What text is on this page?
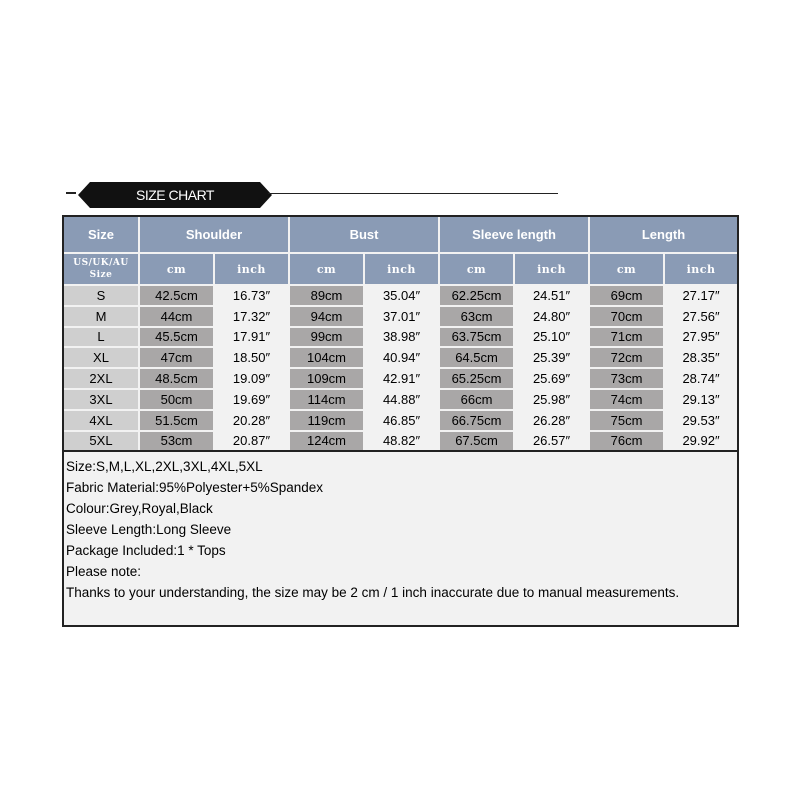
SIZE CHART
Size	Shoulder		Bust		Sleeve length		Length	
US/UK/AU Size	cm	inch	cm	inch	cm	inch	cm	inch
S	42.5cm	16.73″	89cm	35.04″	62.25cm	24.51″	69cm	27.17″
M	44cm	17.32″	94cm	37.01″	63cm	24.80″	70cm	27.56″
L	45.5cm	17.91″	99cm	38.98″	63.75cm	25.10″	71cm	27.95″
XL	47cm	18.50″	104cm	40.94″	64.5cm	25.39″	72cm	28.35″
2XL	48.5cm	19.09″	109cm	42.91″	65.25cm	25.69″	73cm	28.74″
3XL	50cm	19.69″	114cm	44.88″	66cm	25.98″	74cm	29.13″
4XL	51.5cm	20.28″	119cm	46.85″	66.75cm	26.28″	75cm	29.53″
5XL	53cm	20.87″	124cm	48.82″	67.5cm	26.57″	76cm	29.92″
Size:S,M,L,XL,2XL,3XL,4XL,5XL
Fabric Material:95%Polyester+5%Spandex
Colour:Grey,Royal,Black
Sleeve Length:Long Sleeve
Package Included:1 * Tops
Please note:
Thanks to your understanding, the size may be 2 cm / 1 inch inaccurate due to manual measurements.
